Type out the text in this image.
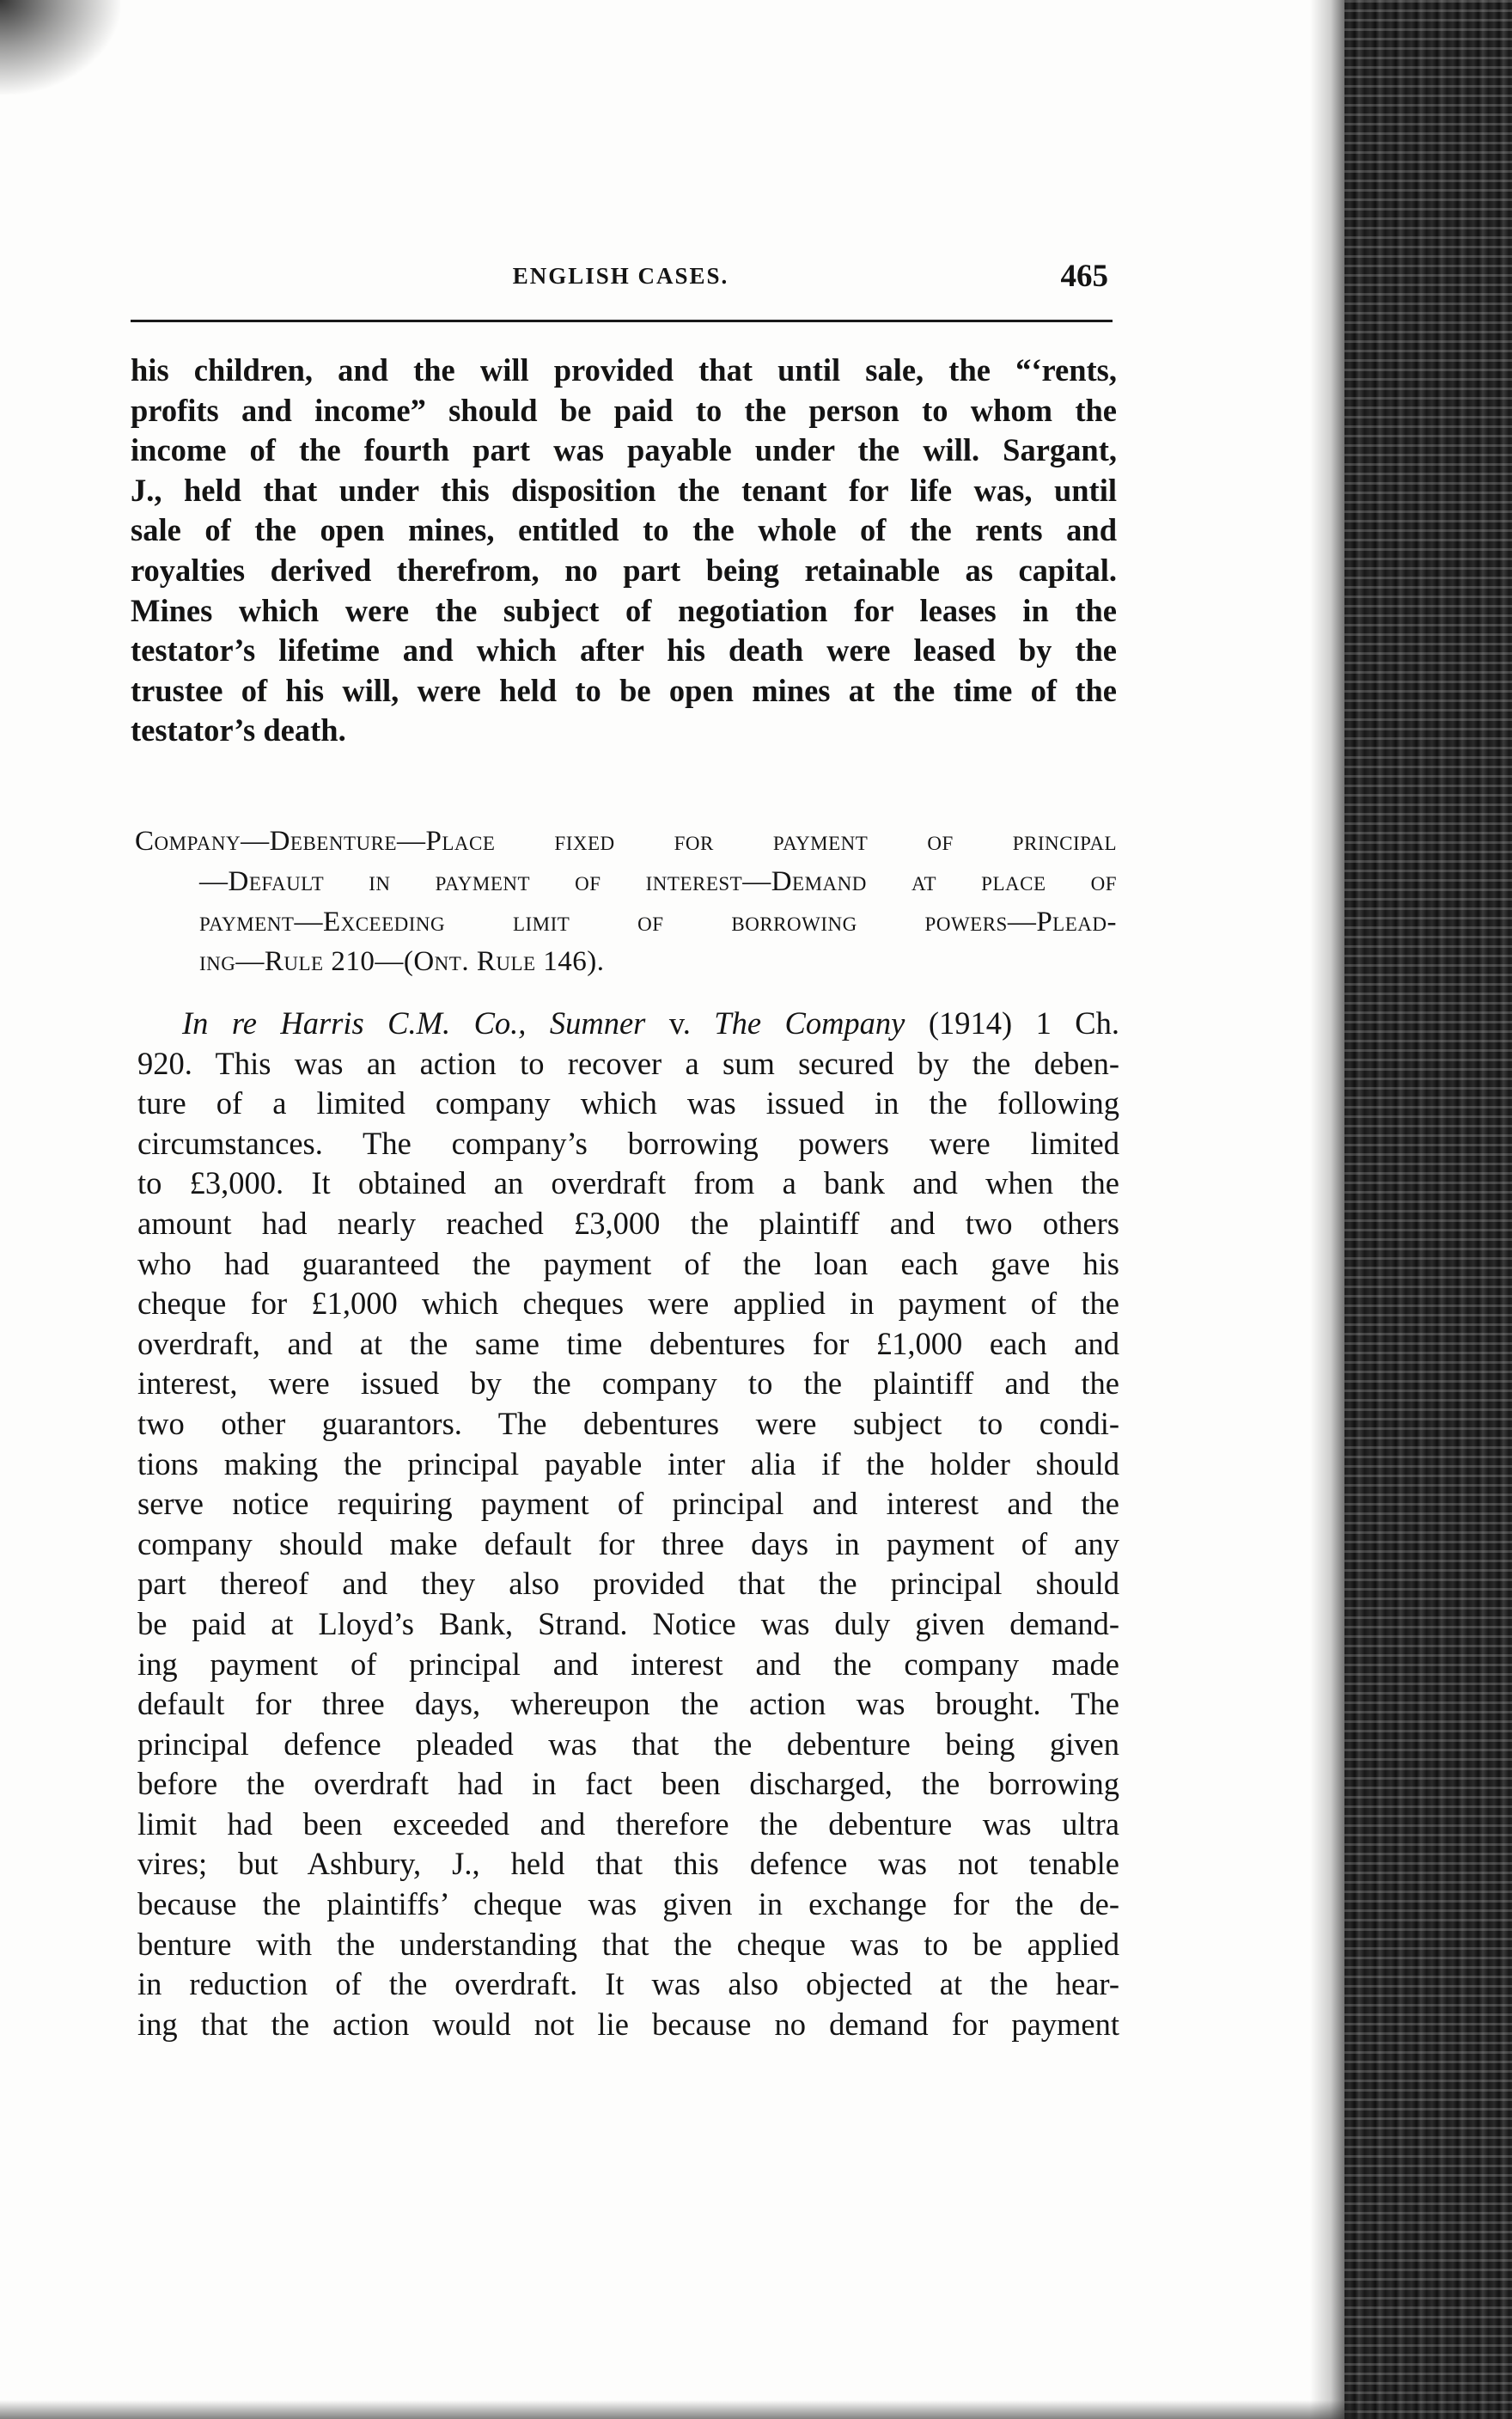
ENGLISH CASES.	465
his children, and the will provided that until sale, the “‘rents,
profits and income” should be paid to the person to whom the
income of the fourth part was payable under the will. Sargant,
J., held that under this disposition the tenant for life was, until
sale of the open mines, entitled to the whole of the rents and
royalties derived therefrom, no part being retainable as capital.
Mines which were the subject of negotiation for leases in the
testator’s lifetime and which after his death were leased by the
trustee of his will, were held to be open mines at the time of the
testator’s death.
Company—Debenture—Place fixed for payment of principal
—Default in payment of interest—Demand at place of
payment—Exceeding limit of borrowing powers—Plead-
ing—Rule 210—(Ont. Rule 146).
In re Harris C.M. Co., Sumner v. The Company (1914) 1 Ch.
920. This was an action to recover a sum secured by the deben-
ture of a limited company which was issued in the following
circumstances. The company’s borrowing powers were limited
to £3,000. It obtained an overdraft from a bank and when the
amount had nearly reached £3,000 the plaintiff and two others
who had guaranteed the payment of the loan each gave his
cheque for £1,000 which cheques were applied in payment of the
overdraft, and at the same time debentures for £1,000 each and
interest, were issued by the company to the plaintiff and the
two other guarantors. The debentures were subject to condi-
tions making the principal payable inter alia if the holder should
serve notice requiring payment of principal and interest and the
company should make default for three days in payment of any
part thereof and they also provided that the principal should
be paid at Lloyd’s Bank, Strand. Notice was duly given demand-
ing payment of principal and interest and the company made
default for three days, whereupon the action was brought. The
principal defence pleaded was that the debenture being given
before the overdraft had in fact been discharged, the borrowing
limit had been exceeded and therefore the debenture was ultra
vires; but Ashbury, J., held that this defence was not tenable
because the plaintiffs’ cheque was given in exchange for the de-
benture with the understanding that the cheque was to be applied
in reduction of the overdraft. It was also objected at the hear-
ing that the action would not lie because no demand for payment
